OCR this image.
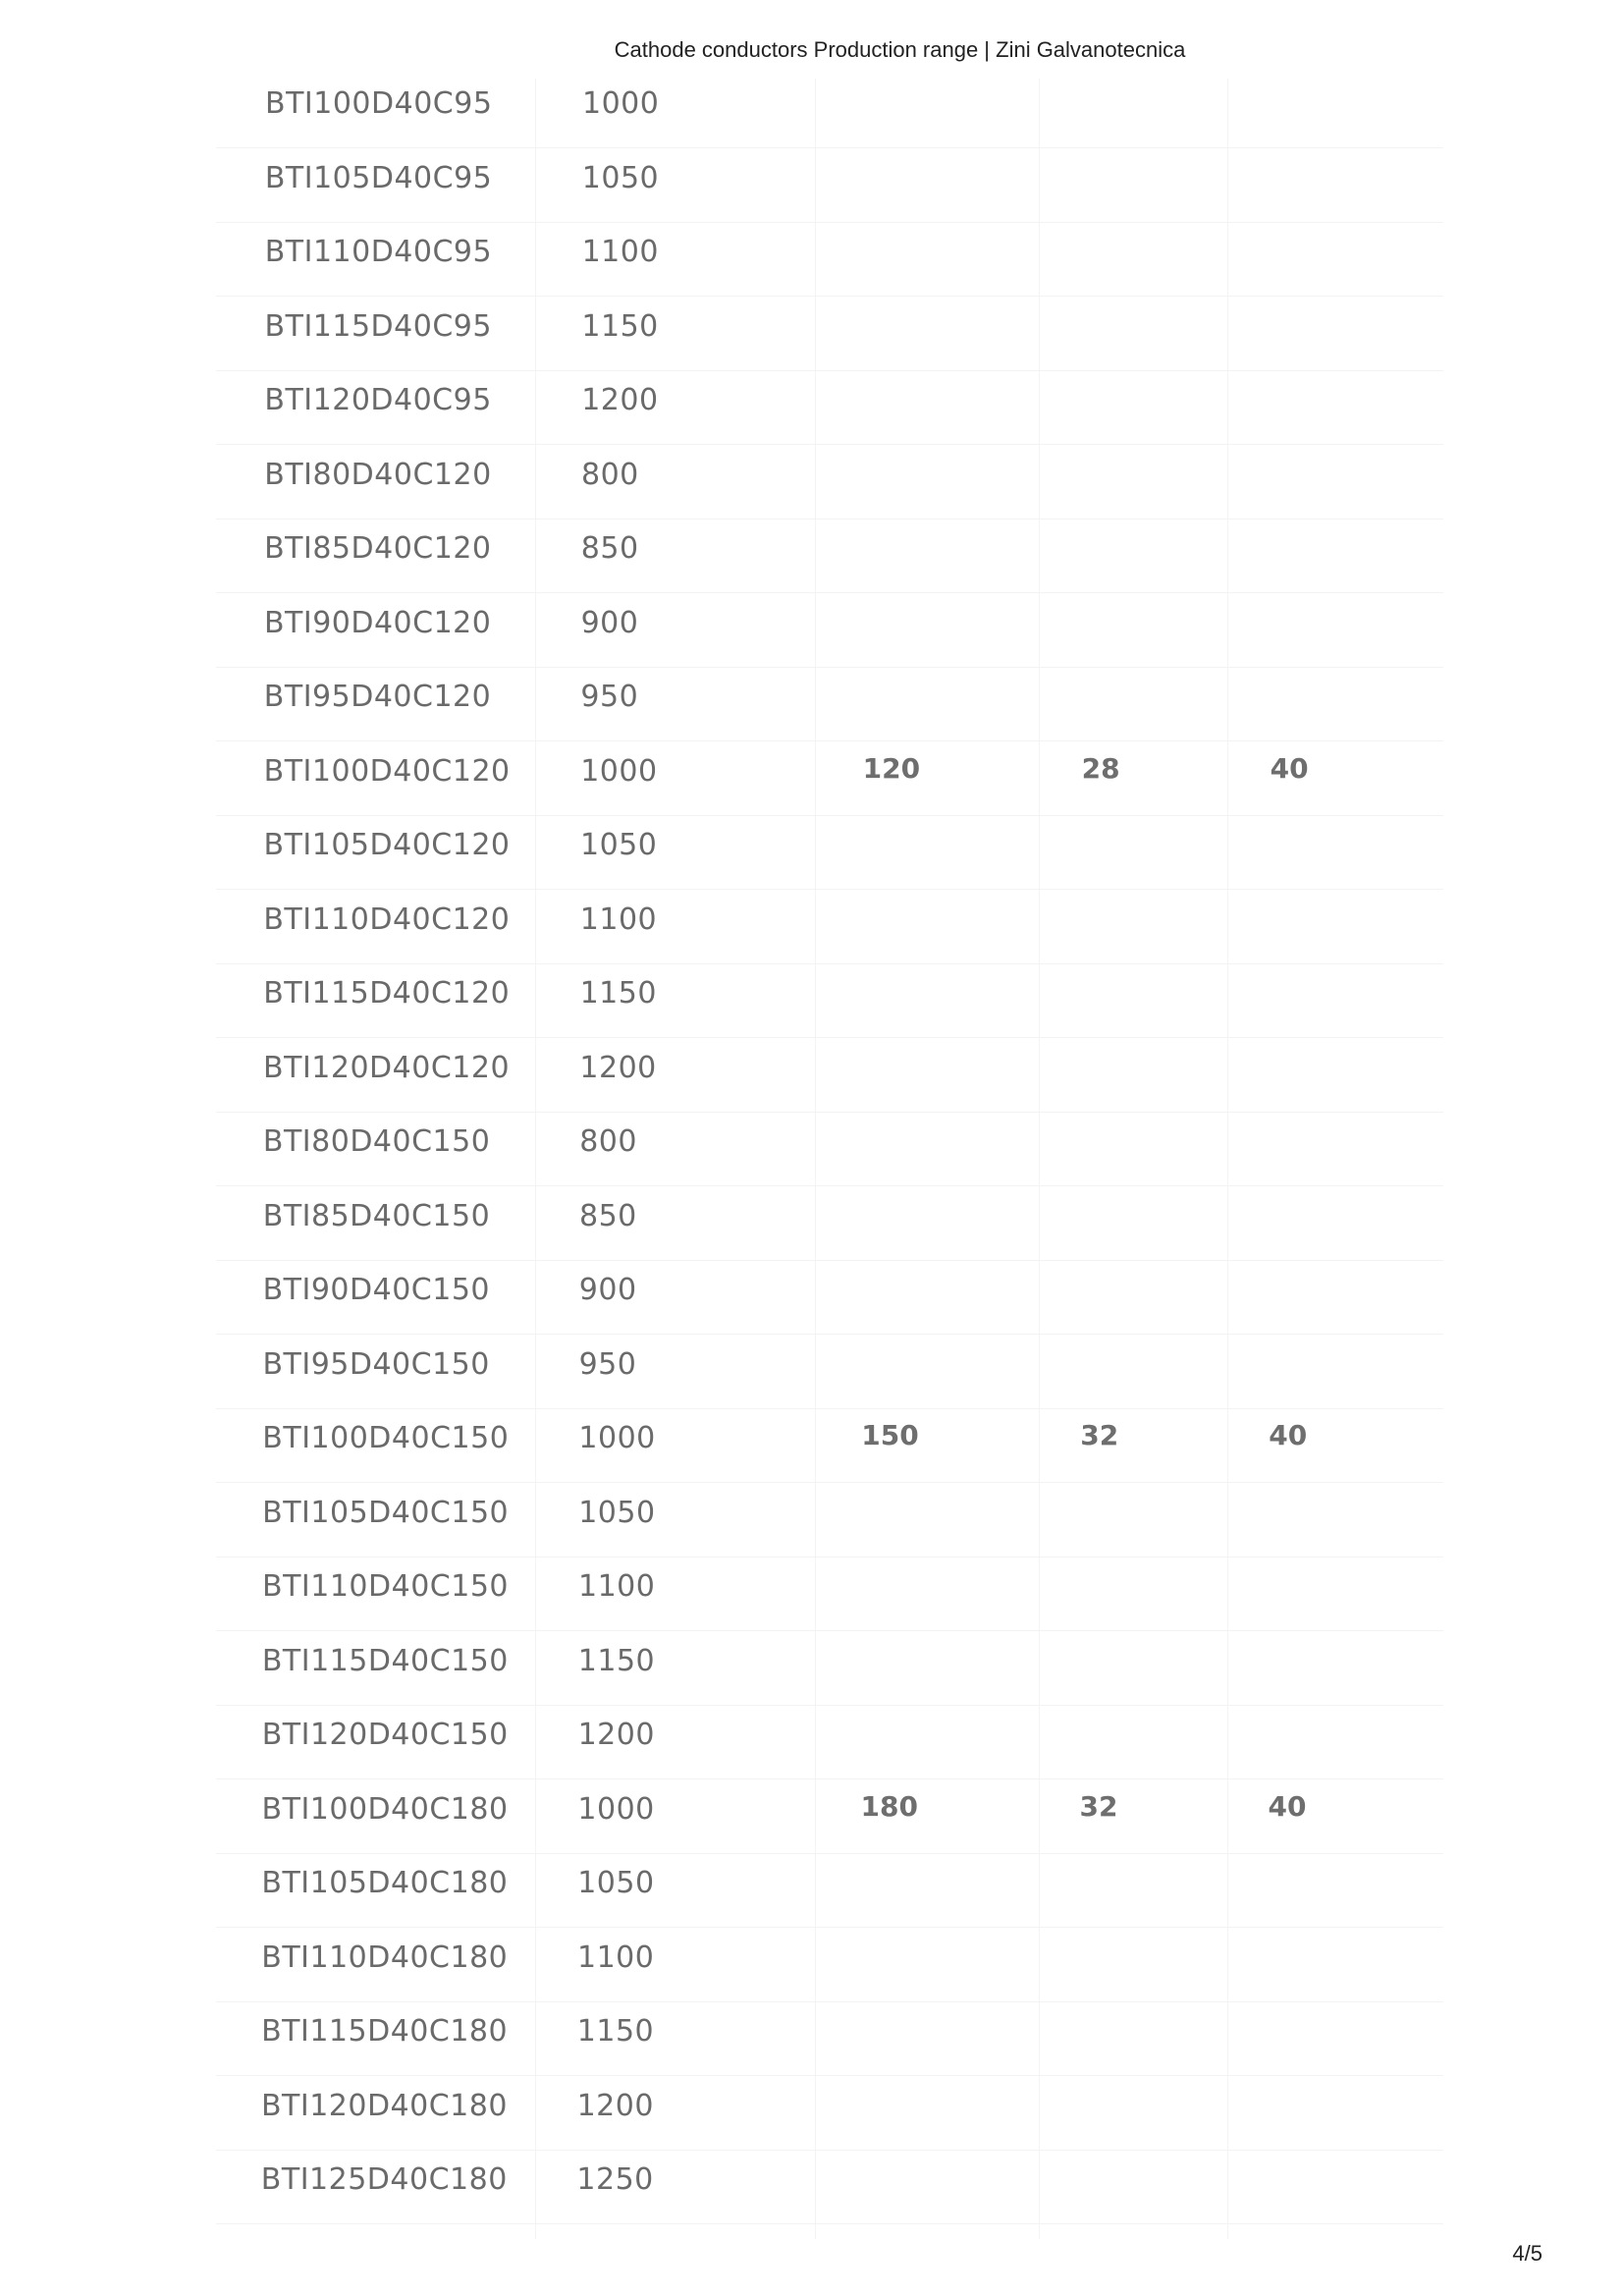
Cathode conductors Production range | Zini Galvanotecnica
BTI100D40C95	1000
BTI105D40C95	1050
BTI110D40C95	1100
BTI115D40C95	1150
BTI120D40C95	1200
BTI80D40C120	800
BTI85D40C120	850
BTI90D40C120	900
BTI95D40C120	950
BTI100D40C120 1000	120	28	40
BTI105D40C120 1050
BTI110D40C120 1100
BTI115D40C120 1150
BTI120D40C120 1200
BTI80D40C150	800
BTI85D40C150	850
BTI90D40C150	900
BTI95D40C150	950
BTI100D40C150 1000	150	32	40
BTI105D40C150 1050
BTI110D40C150 1100
BTI115D40C150 1150
BTI120D40C150 1200
BTI100D40C180 1000	180	32	40
BTI105D40C180 1050
BTI110D40C180 1100
BTI115D40C180 1150
BTI120D40C180 1200
BTI125D40C180 1250
4/5
